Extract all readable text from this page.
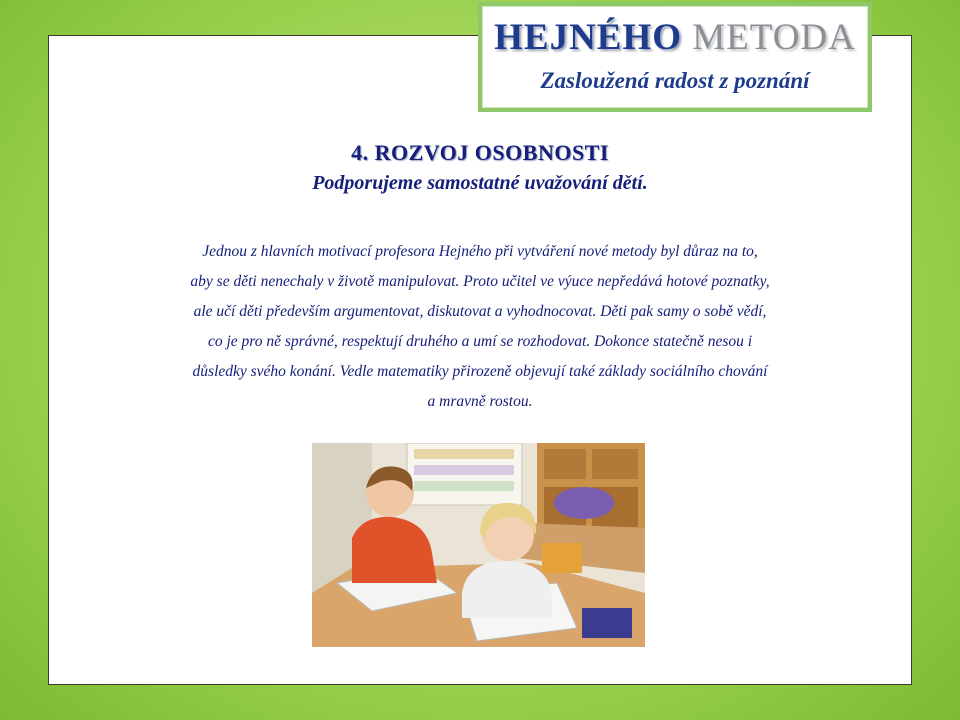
HEJNÉHO METODA
Zasloužená radost z poznání
4. ROZVOJ OSOBNOSTI
Podporujeme samostatné uvažování dětí.
Jednou z hlavních motivací profesora Hejného při vytváření nové metody byl důraz na to, aby se děti nenechaly v životě manipulovat. Proto učitel ve výuce nepředává hotové poznatky, ale učí děti především argumentovat, diskutovat a vyhodnocovat. Děti pak samy o sobě vědí, co je pro ně správné, respektují druhého a umí se rozhodovat. Dokonce statečně nesou i důsledky svého konání. Vedle matematiky přirozeně objevují také základy sociálního chování a mravně rostou.
